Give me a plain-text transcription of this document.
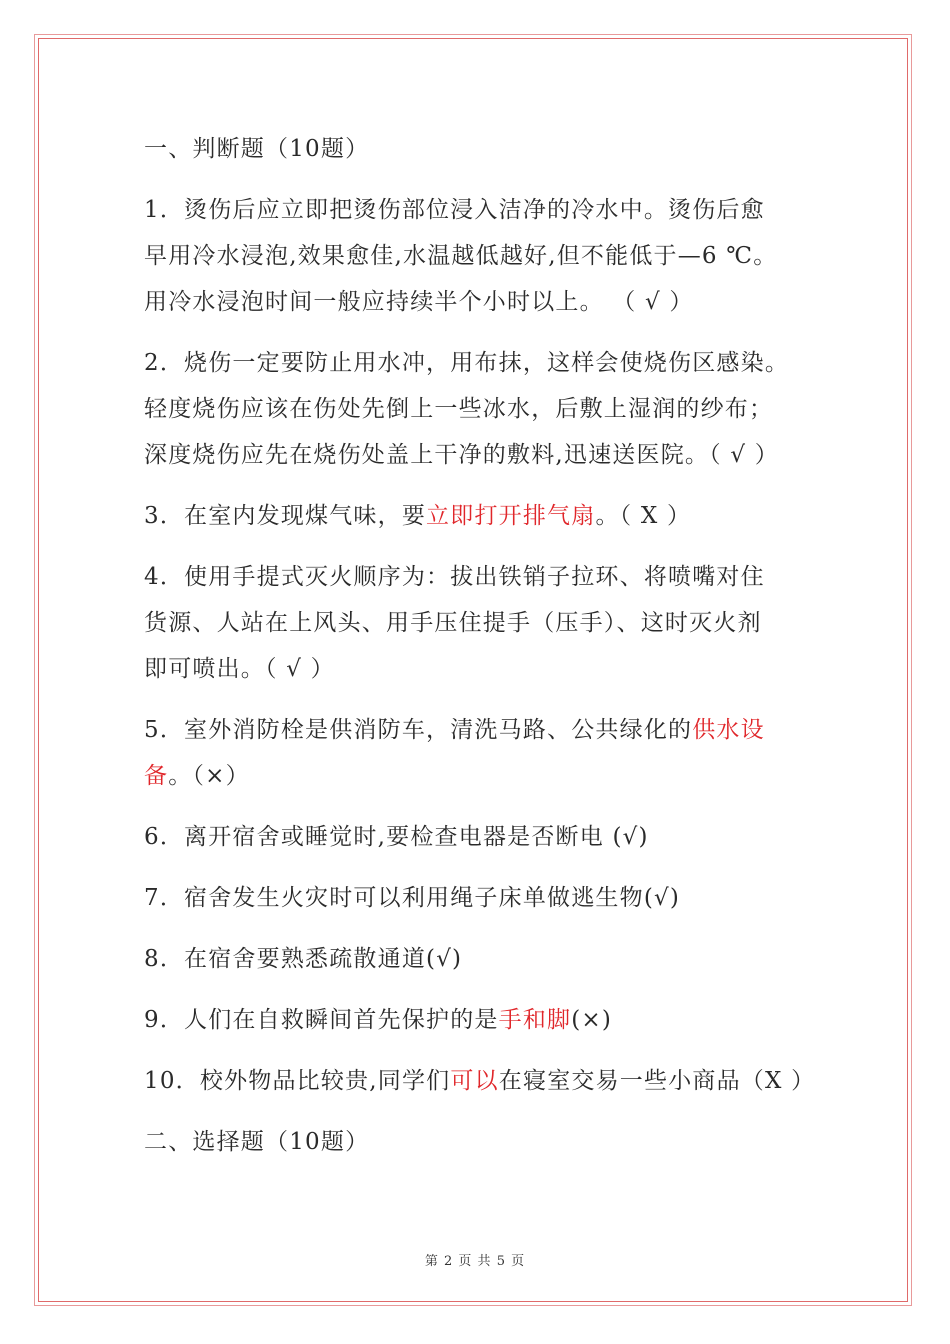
一、判断题（10题）

1．烫伤后应立即把烫伤部位浸入洁净的冷水中。烫伤后愈

早用冷水浸泡,效果愈佳,水温越低越好,但不能低于—6 ℃。

用冷水浸泡时间一般应持续半个小时以上。 （ √ ）

2．烧伤一定要防止用水冲，用布抹，这样会使烧伤区感染。

轻度烧伤应该在伤处先倒上一些冰水，后敷上湿润的纱布；

深度烧伤应先在烧伤处盖上干净的敷料,迅速送医院。（ √ ）

3．在室内发现煤气味，要立即打开排气扇。（ X ）

4．使用手提式灭火顺序为：拔出铁销子拉环、将喷嘴对住

货源、人站在上风头、用手压住提手（压手）、这时灭火剂

即可喷出。（ √ ）

5．室外消防栓是供消防车，清洗马路、公共绿化的供水设

备。（×）

6．离开宿舍或睡觉时,要检查电器是否断电 (√)

7．宿舍发生火灾时可以利用绳子床单做逃生物(√)

8．在宿舍要熟悉疏散通道(√)

9．人们在自救瞬间首先保护的是手和脚(×)

10．校外物品比较贵,同学们可以在寝室交易一些小商品（X ）

二、选择题（10题）

第 2 页 共 5 页
